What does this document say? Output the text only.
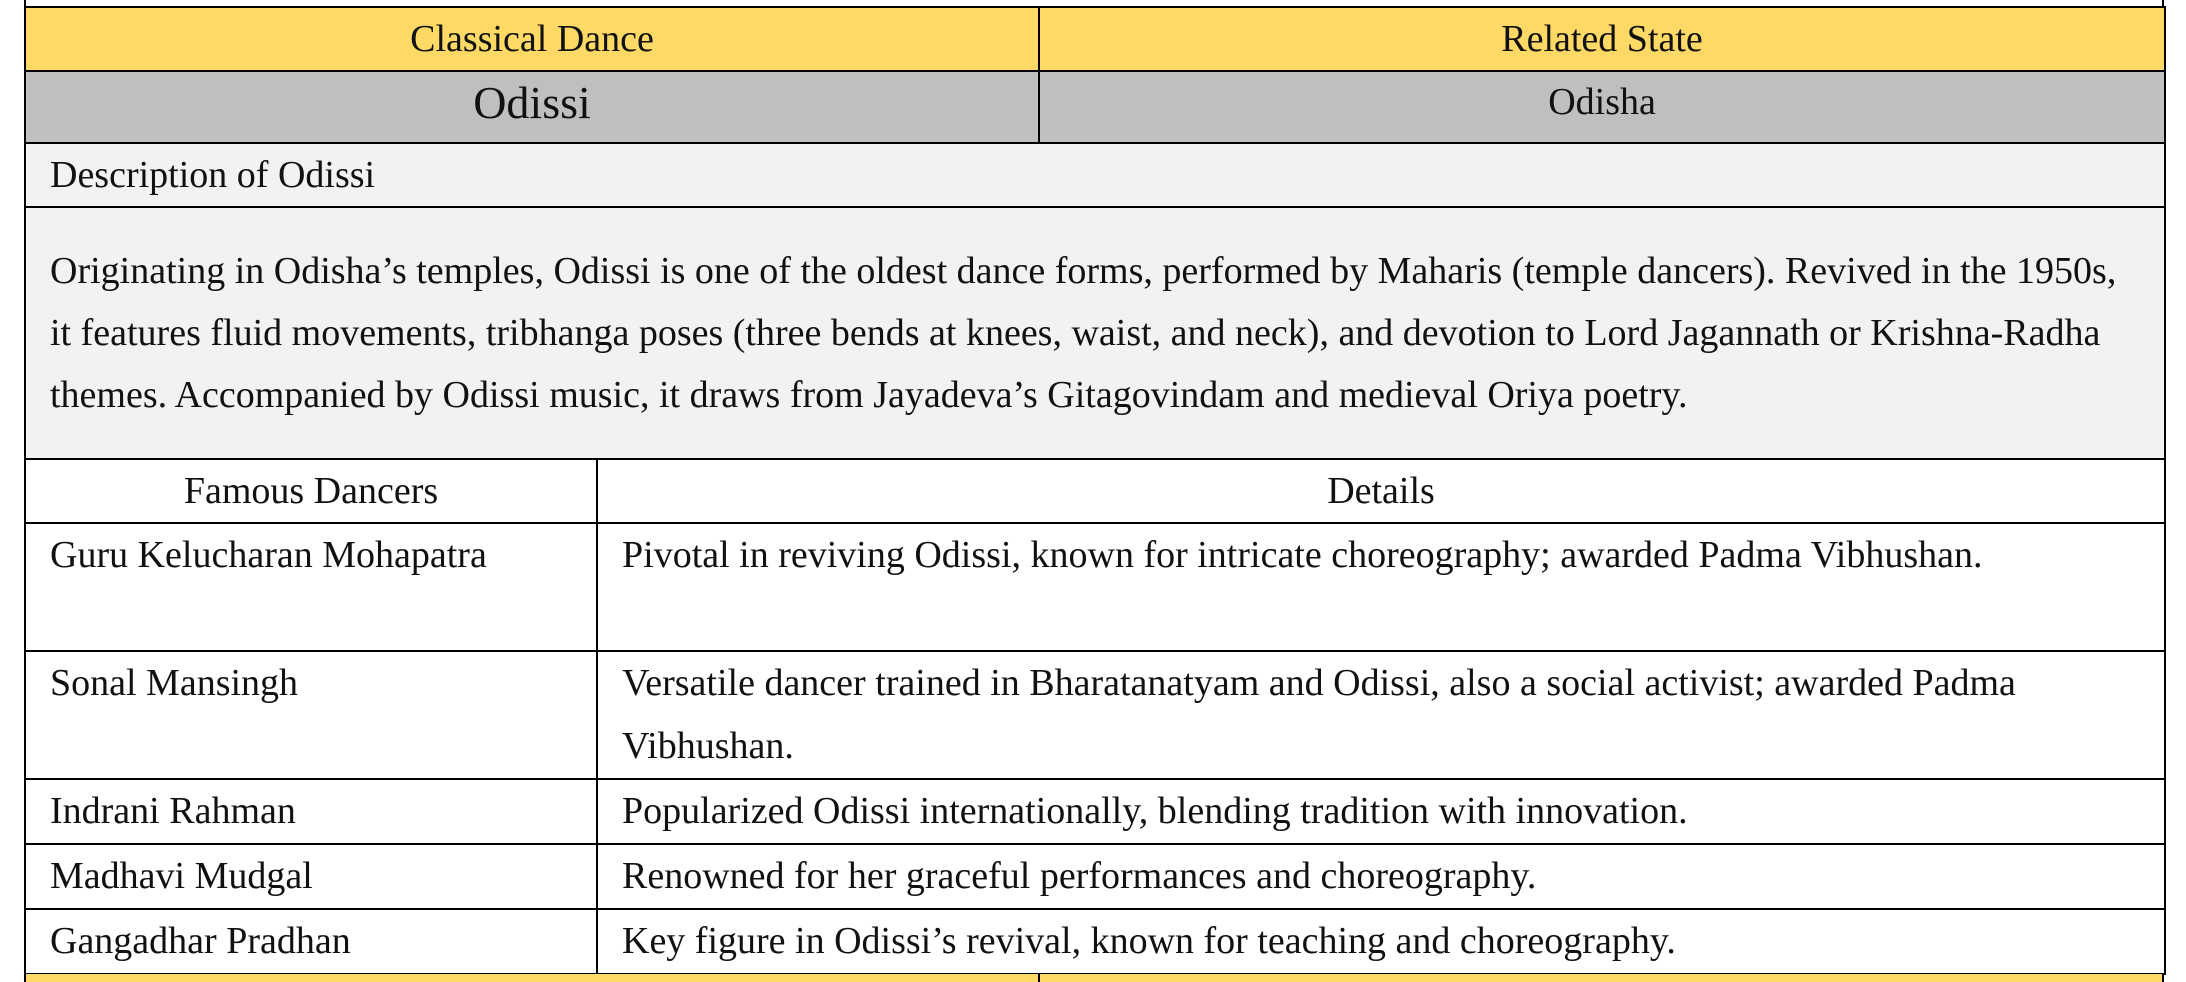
Classical Dance		Related State
Odissi		Odisha
Description of Odissi		
Originating in Odisha’s temples, Odissi is one of the oldest dance forms, performed by Maharis (temple dancers). Revived in the 1950s, it features fluid movements, tribhanga poses (three bends at knees, waist, and neck), and devotion to Lord Jagannath or Krishna-Radha themes. Accompanied by Odissi music, it draws from Jayadeva’s Gitagovindam and medieval Oriya poetry.		
Famous Dancers	Details	
Guru Kelucharan Mohapatra	Pivotal in reviving Odissi, known for intricate choreography; awarded Padma Vibhushan.	
Sonal Mansingh	Versatile dancer trained in Bharatanatyam and Odissi, also a social activist; awarded Padma Vibhushan.	
Indrani Rahman	Popularized Odissi internationally, blending tradition with innovation.	
Madhavi Mudgal	Renowned for her graceful performances and choreography.	
Gangadhar Pradhan	Key figure in Odissi’s revival, known for teaching and choreography.	
